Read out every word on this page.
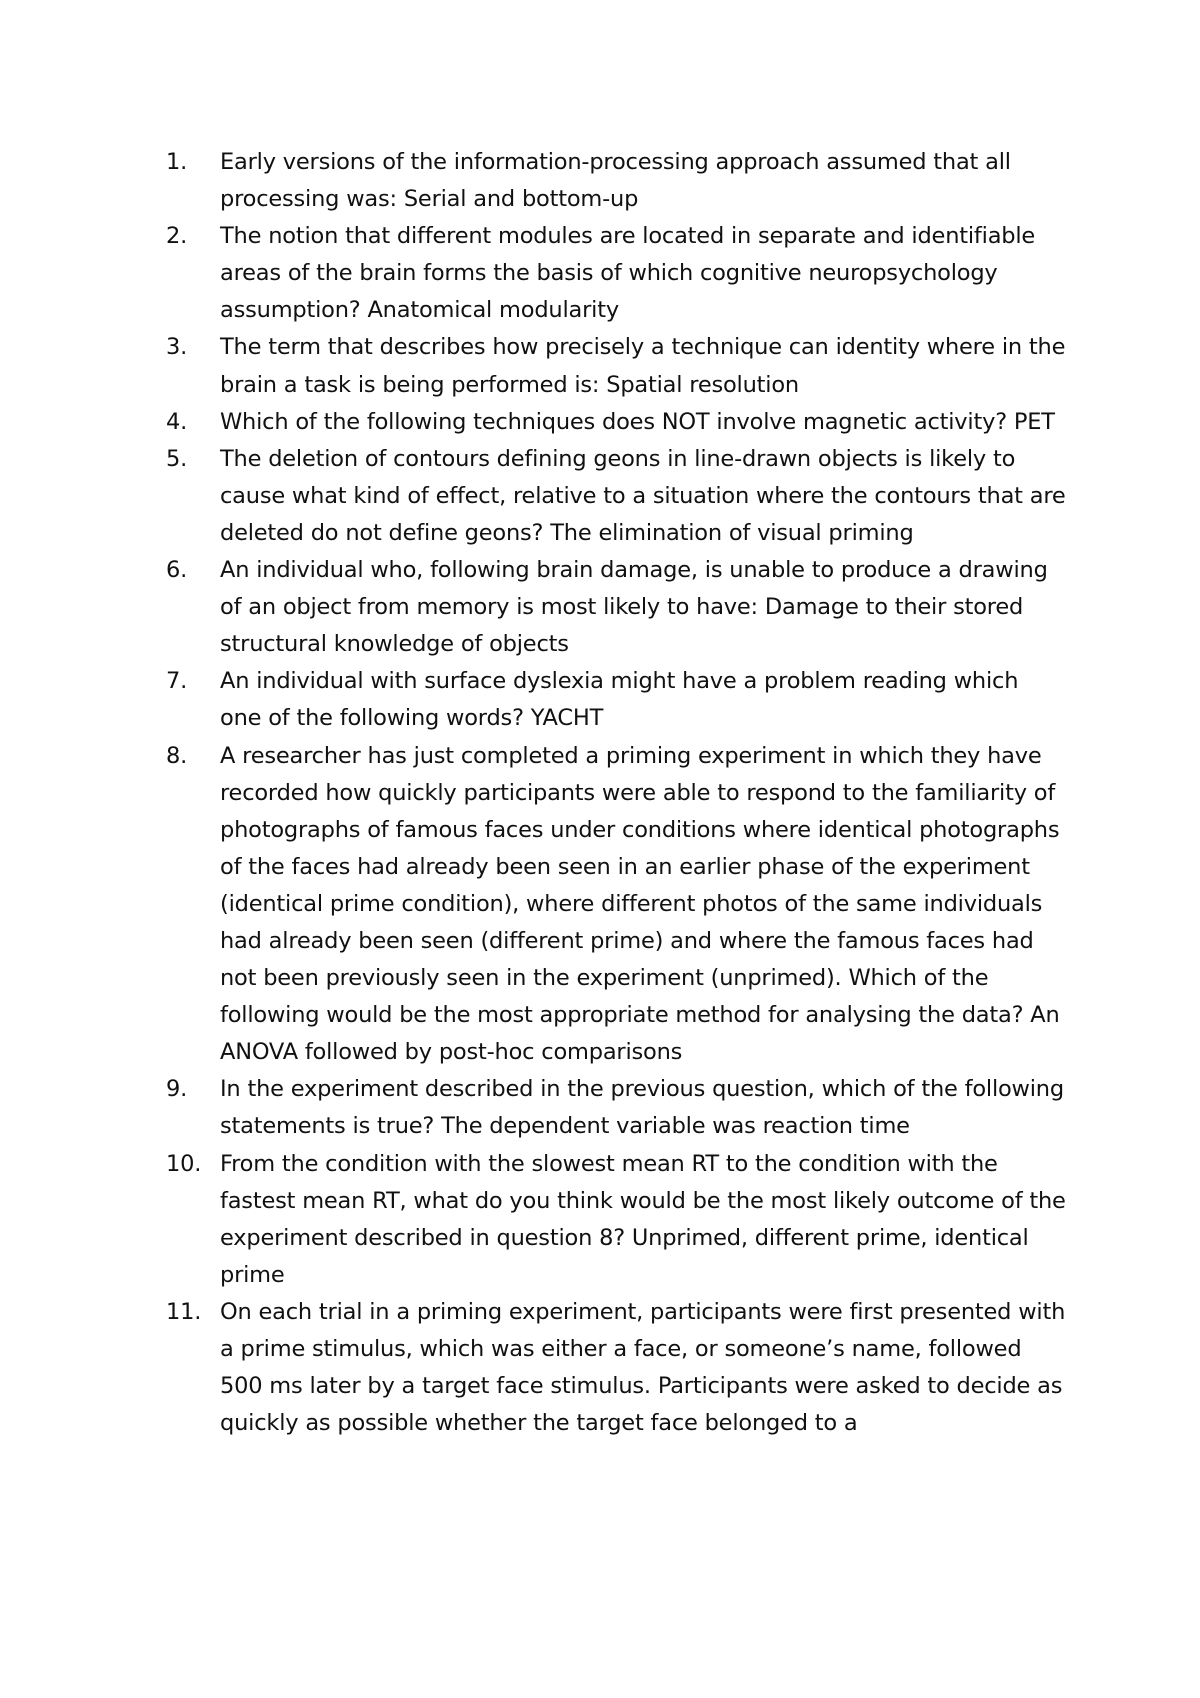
1.	Early versions of the information-processing approach assumed that all processing was: Serial and bottom-up
2.	The notion that different modules are located in separate and identifiable areas of the brain forms the basis of which cognitive neuropsychology assumption? Anatomical modularity
3.	The term that describes how precisely a technique can identity where in the brain a task is being performed is: Spatial resolution
4.	Which of the following techniques does NOT involve magnetic activity? PET
5.	The deletion of contours defining geons in line-drawn objects is likely to cause what kind of effect, relative to a situation where the contours that are deleted do not define geons? The elimination of visual priming
6.	An individual who, following brain damage, is unable to produce a drawing of an object from memory is most likely to have: Damage to their stored structural knowledge of objects
7.	An individual with surface dyslexia might have a problem reading which one of the following words? YACHT
8.	A researcher has just completed a priming experiment in which they have recorded how quickly participants were able to respond to the familiarity of photographs of famous faces under conditions where identical photographs of the faces had already been seen in an earlier phase of the experiment (identical prime condition), where different photos of the same individuals had already been seen (different prime) and where the famous faces had not been previously seen in the experiment (unprimed). Which of the following would be the most appropriate method for analysing the data? An ANOVA followed by post-hoc comparisons
9.	In the experiment described in the previous question, which of the following statements is true? The dependent variable was reaction time
10. From the condition with the slowest mean RT to the condition with the fastest mean RT, what do you think would be the most likely outcome of the experiment described in question 8? Unprimed, different prime, identical prime
11. On each trial in a priming experiment, participants were first presented with a prime stimulus, which was either a face, or someone’s name, followed 500 ms later by a target face stimulus. Participants were asked to decide as quickly as possible whether the target face belonged to a
